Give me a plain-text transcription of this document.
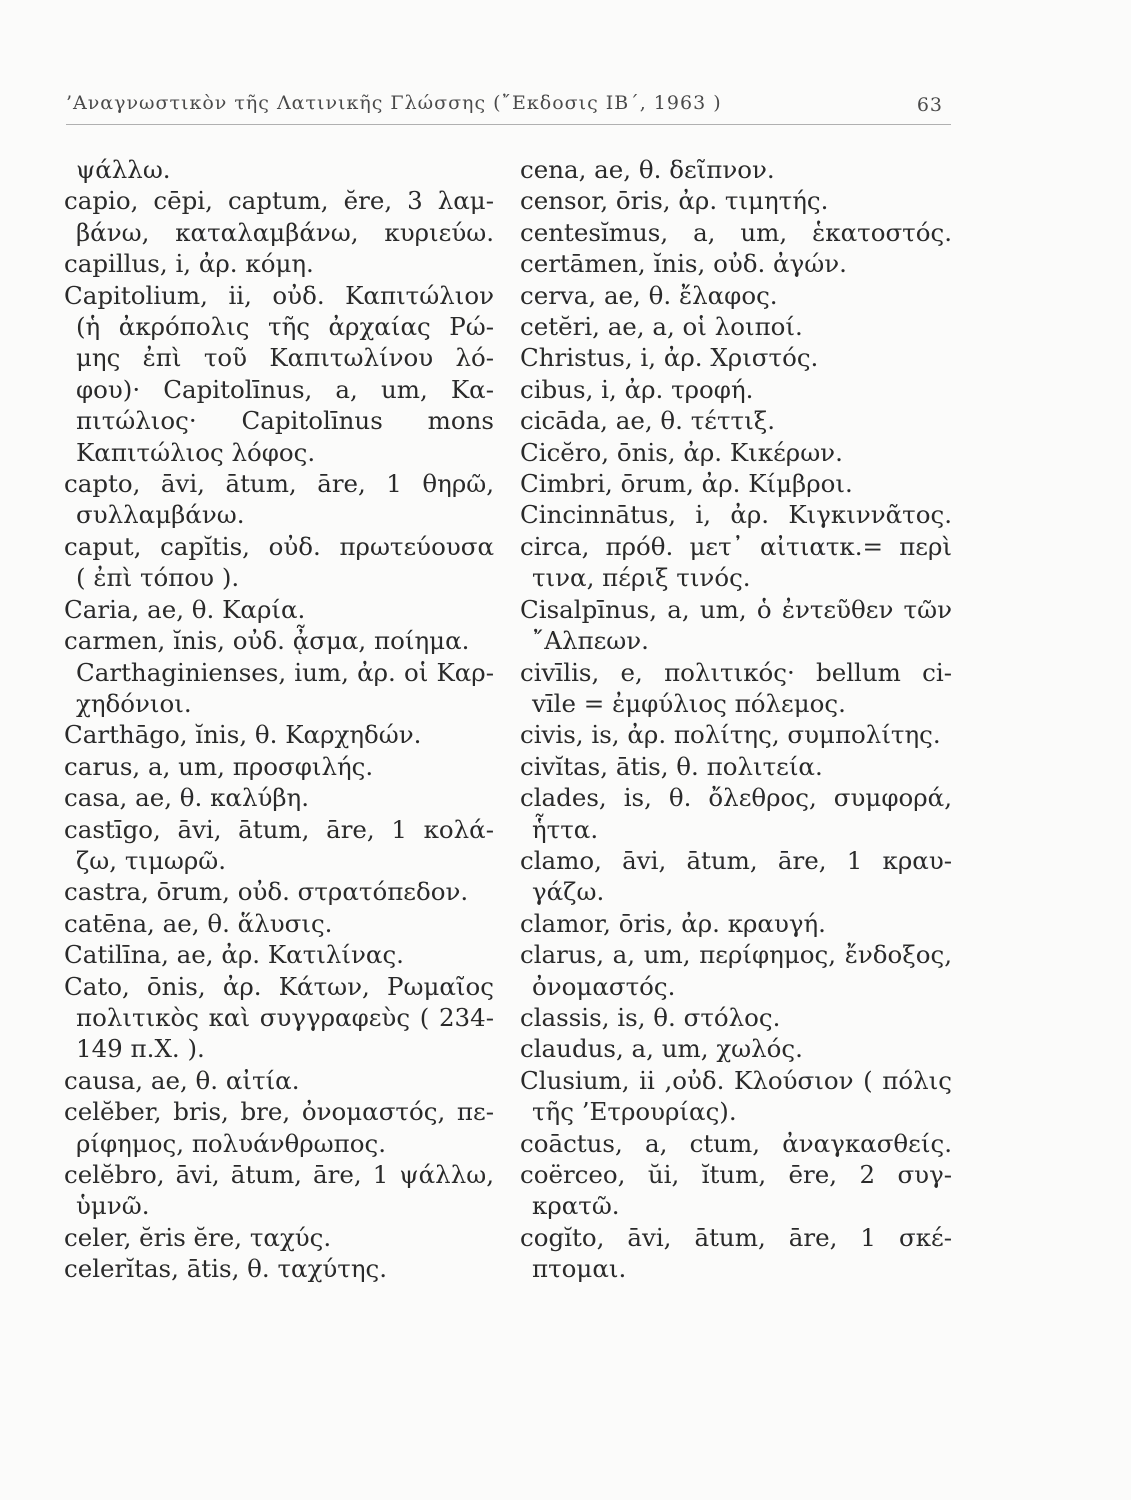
’Αναγνωστικὸν τῆς Λατινικῆς Γλώσσης (῎Εκδοσις ΙΒ΄, 1963 )	63

ψάλλω.

capio, cēpi, captum, ĕre, 3 λαμ-

βάνω, καταλαμβάνω, κυριεύω.

capillus, i, ἀρ. κόμη.

Capitolium, ii, οὐδ. Καπιτώλιον

(ἡ ἀκρόπολις τῆς ἀρχαίας Ρώ-

μης ἐπὶ τοῦ Καπιτωλίνου λό-

φου)· Capitolīnus, a, um, Κα-

πιτώλιος· Capitolīnus mons

Καπιτώλιος λόφος.

capto, āvi, ātum, āre, 1 θηρῶ,

συλλαμβάνω.

caput, capĭtis, οὐδ. πρωτεύουσα

( ἐπὶ τόπου ).

Caria, ae, θ. Καρία.

carmen, ĭnis, οὐδ. ᾆσμα, ποίημα.

Carthaginienses, ium, ἀρ. οἱ Καρ-

χηδόνιοι.

Carthāgo, ĭnis, θ. Καρχηδών.

carus, a, um, προσφιλής.

casa, ae, θ. καλύβη.

castīgo, āvi, ātum, āre, 1 κολά-

ζω, τιμωρῶ.

castra, ōrum, οὐδ. στρατόπεδον.

catēna, ae, θ. ἅλυσις.

Catilīna, ae, ἀρ. Κατιλίνας.

Cato, ōnis, ἀρ. Κάτων, Ρωμαῖος

πολιτικὸς καὶ συγγραφεὺς ( 234-

149 π.Χ. ).

causa, ae, θ. αἰτία.

celĕber, bris, bre, ὀνομαστός, πε-

ρίφημος, πολυάνθρωπος.

celĕbro, āvi, ātum, āre, 1 ψάλλω,

ὑμνῶ.

celer, ĕris ĕre, ταχύς.

celerĭtas, ātis, θ. ταχύτης.

cena, ae, θ. δεῖπνον.

censor, ōris, ἀρ. τιμητής.

centesĭmus, a, um, ἑκατοστός.

certāmen, ĭnis, οὐδ. ἀγών.

cerva, ae, θ. ἔλαφος.

cetĕri, ae, a, οἱ λοιποί.

Christus, i, ἀρ. Χριστός.

cibus, i, ἀρ. τροφή.

cicāda, ae, θ. τέττιξ.

Cicĕro, ōnis, ἀρ. Κικέρων.

Cimbri, ōrum, ἀρ. Κίμβροι.

Cincinnātus, i, ἀρ. Κιγκιννᾶτος.

circa, πρόθ. μετ᾽ αἰτιατκ.= περὶ

τινα, πέριξ τινός.

Cisalpīnus, a, um, ὁ ἐντεῦθεν τῶν

῎Αλπεων.

civīlis, e, πολιτικός· bellum ci-

vīle = ἐμφύλιος πόλεμος.

civis, is, ἀρ. πολίτης, συμπολίτης.

civĭtas, ātis, θ. πολιτεία.

clades, is, θ. ὄλεθρος, συμφορά,

ἧττα.

clamo, āvi, ātum, āre, 1 κραυ-

γάζω.

clamor, ōris, ἀρ. κραυγή.

clarus, a, um, περίφημος, ἔνδοξος,

ὀνομαστός.

classis, is, θ. στόλος.

claudus, a, um, χωλός.

Clusium, ii ,οὐδ. Κλούσιον ( πόλις

τῆς ’Ετρουρίας).

coāctus, a, ctum, ἀναγκασθείς.

coërceo, ŭi, ĭtum, ēre, 2 συγ-

κρατῶ.

cogĭto, āvi, ātum, āre, 1 σκέ-

πτομαι.
